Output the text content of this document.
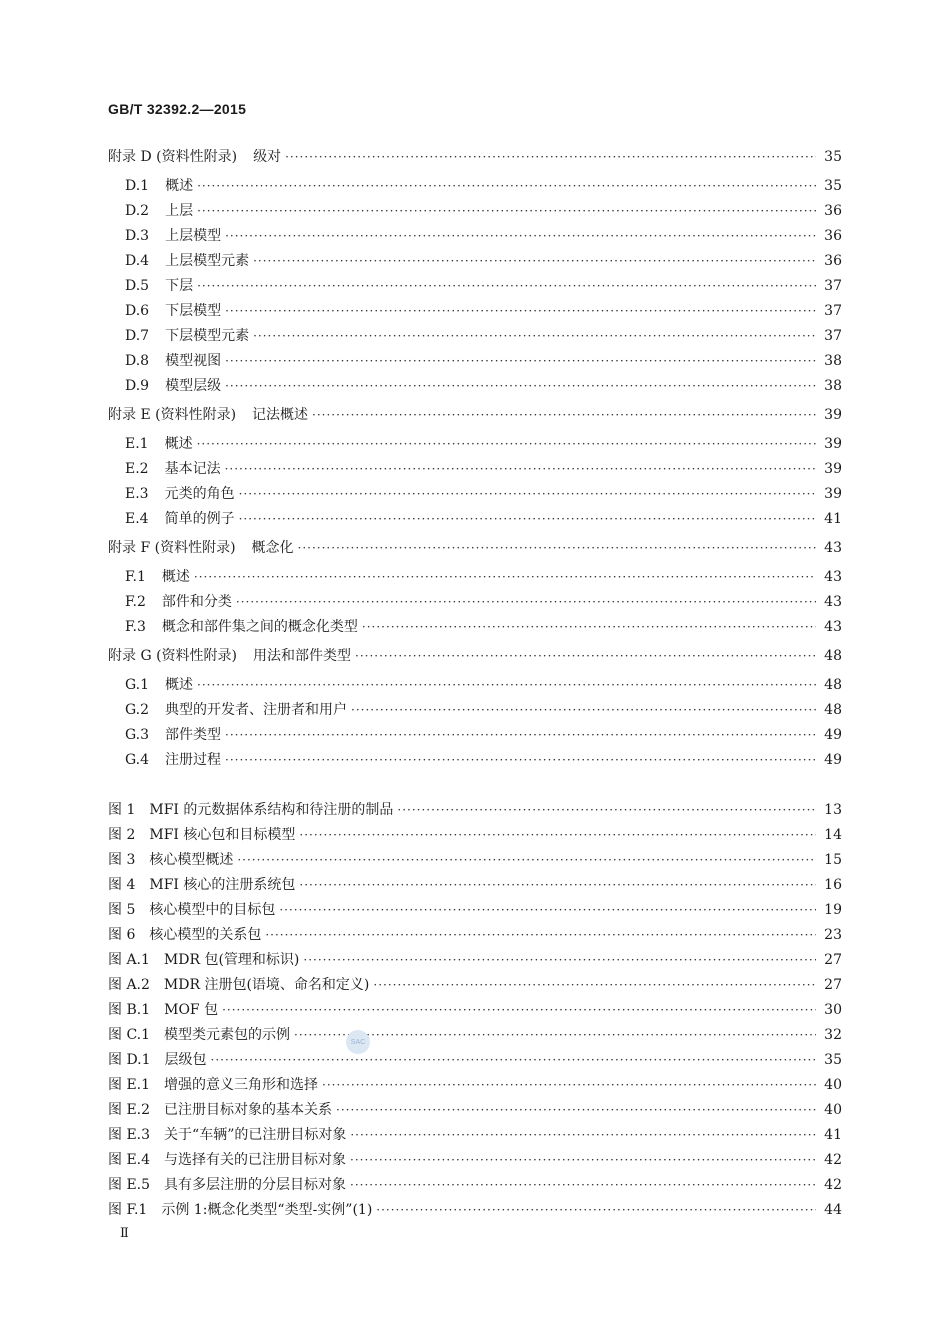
GB/T 32392.2—2015
附录 D (资料性附录) 级对 ·····	35
D.1 概述 ·····	35
D.2 上层 ·····	36
D.3 上层模型 ·····	36
D.4 上层模型元素 ·····	36
D.5 下层 ·····	37
D.6 下层模型 ·····	37
D.7 下层模型元素 ·····	37
D.8 模型视图 ·····	38
D.9 模型层级 ·····	38
附录 E (资料性附录) 记法概述 ·····	39
E.1 概述 ·····	39
E.2 基本记法 ·····	39
E.3 元类的角色 ·····	39
E.4 简单的例子 ·····	41
附录 F (资料性附录) 概念化 ·····	43
F.1 概述 ·····	43
F.2 部件和分类 ·····	43
F.3 概念和部件集之间的概念化类型 ·····	43
附录 G (资料性附录) 用法和部件类型 ·····	48
G.1 概述 ·····	48
G.2 典型的开发者、注册者和用户 ·····	48
G.3 部件类型 ·····	49
G.4 注册过程 ·····	49
图 1 MFI 的元数据体系结构和待注册的制品 ·····	13
图 2 MFI 核心包和目标模型 ·····	14
图 3 核心模型概述 ·····	15
图 4 MFI 核心的注册系统包 ·····	16
图 5 核心模型中的目标包 ·····	19
图 6 核心模型的关系包 ·····	23
图 A.1 MDR 包(管理和标识) ·····	27
图 A.2 MDR 注册包(语境、命名和定义) ·····	27
图 B.1 MOF 包 ·····	30
图 C.1 模型类元素包的示例 ·····	32
图 D.1 层级包 ·····	35
图 E.1 增强的意义三角形和选择 ·····	40
图 E.2 已注册目标对象的基本关系 ·····	40
图 E.3 关于“车辆”的已注册目标对象 ·····	41
图 E.4 与选择有关的已注册目标对象 ·····	42
图 E.5 具有多层注册的分层目标对象 ·····	42
图 F.1 示例 1:概念化类型“类型-实例”(1) ·····	44
SAC
Ⅱ
